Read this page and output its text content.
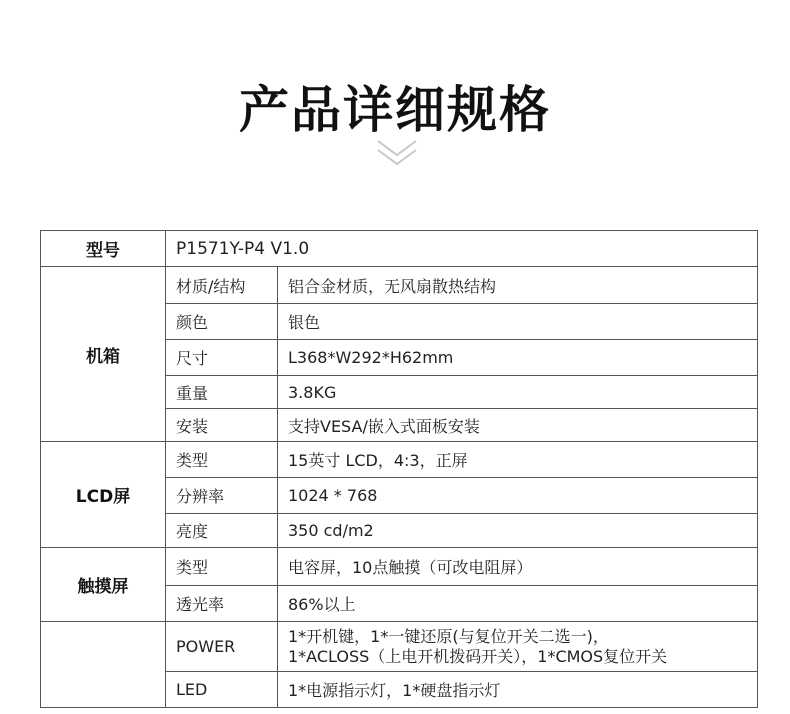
产品详细规格
型号	P1571Y-P4 V1.0	
机箱	材质/结构	铝合金材质，无风扇散热结构
	颜色	银色
	尺寸	L368*W292*H62mm
	重量	3.8KG
	安装	支持VESA/嵌入式面板安装
LCD屏	类型	15英寸 LCD，4:3，正屏
	分辨率	1024 * 768
	亮度	350 cd/m2
触摸屏	类型	电容屏，10点触摸（可改电阻屏）
	透光率	86%以上
	POWER	1*开机键，1*一键还原(与复位开关二选一)，
1*ACLOSS（上电开机拨码开关），1*CMOS复位开关

	LED	1*电源指示灯，1*硬盘指示灯
